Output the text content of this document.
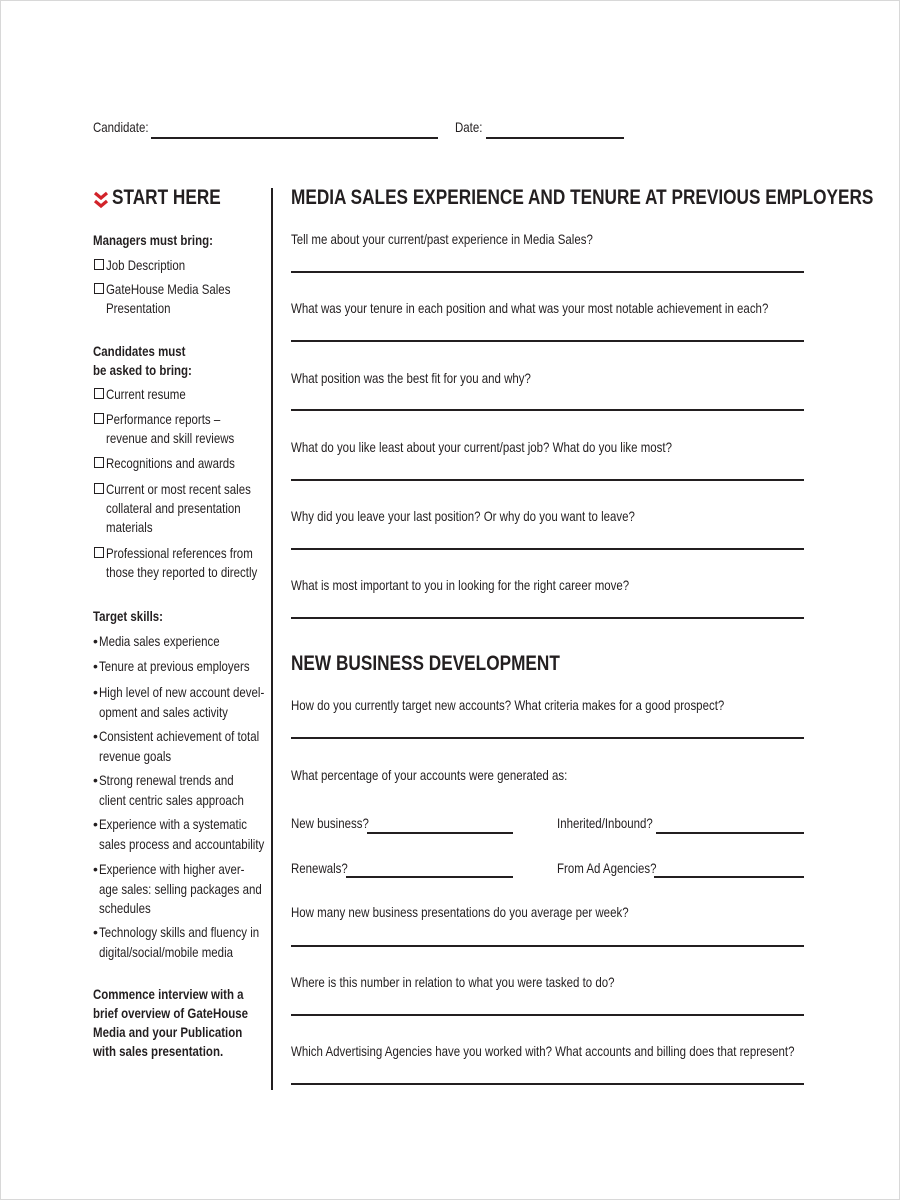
Candidate:	Date:
START HERE
Managers must bring:
Job Description
GateHouse Media Sales
Presentation
Candidates must
be asked to bring:
Current resume
Performance reports –
revenue and skill reviews
Recognitions and awards
Current or most recent sales
collateral and presentation
materials
Professional references from
those they reported to directly
Target skills:
• Media sales experience
• Tenure at previous employers
• High level of new account devel-
opment and sales activity
• Consistent achievement of total
revenue goals
• Strong renewal trends and
client centric sales approach
• Experience with a systematic
sales process and accountability
• Experience with higher aver-
age sales: selling packages and
schedules
• Technology skills and fluency in
digital/social/mobile media
Commence interview with a
brief overview of GateHouse
Media and your Publication
with sales presentation.
MEDIA SALES EXPERIENCE AND TENURE AT PREVIOUS EMPLOYERS
Tell me about your current/past experience in Media Sales?
What was your tenure in each position and what was your most notable achievement in each?
What position was the best fit for you and why?
What do you like least about your current/past job? What do you like most?
Why did you leave your last position? Or why do you want to leave?
What is most important to you in looking for the right career move?
NEW BUSINESS DEVELOPMENT
How do you currently target new accounts? What criteria makes for a good prospect?
What percentage of your accounts were generated as:
New business?	Inherited/Inbound?
Renewals?	From Ad Agencies?
How many new business presentations do you average per week?
Where is this number in relation to what you were tasked to do?
Which Advertising Agencies have you worked with? What accounts and billing does that represent?
